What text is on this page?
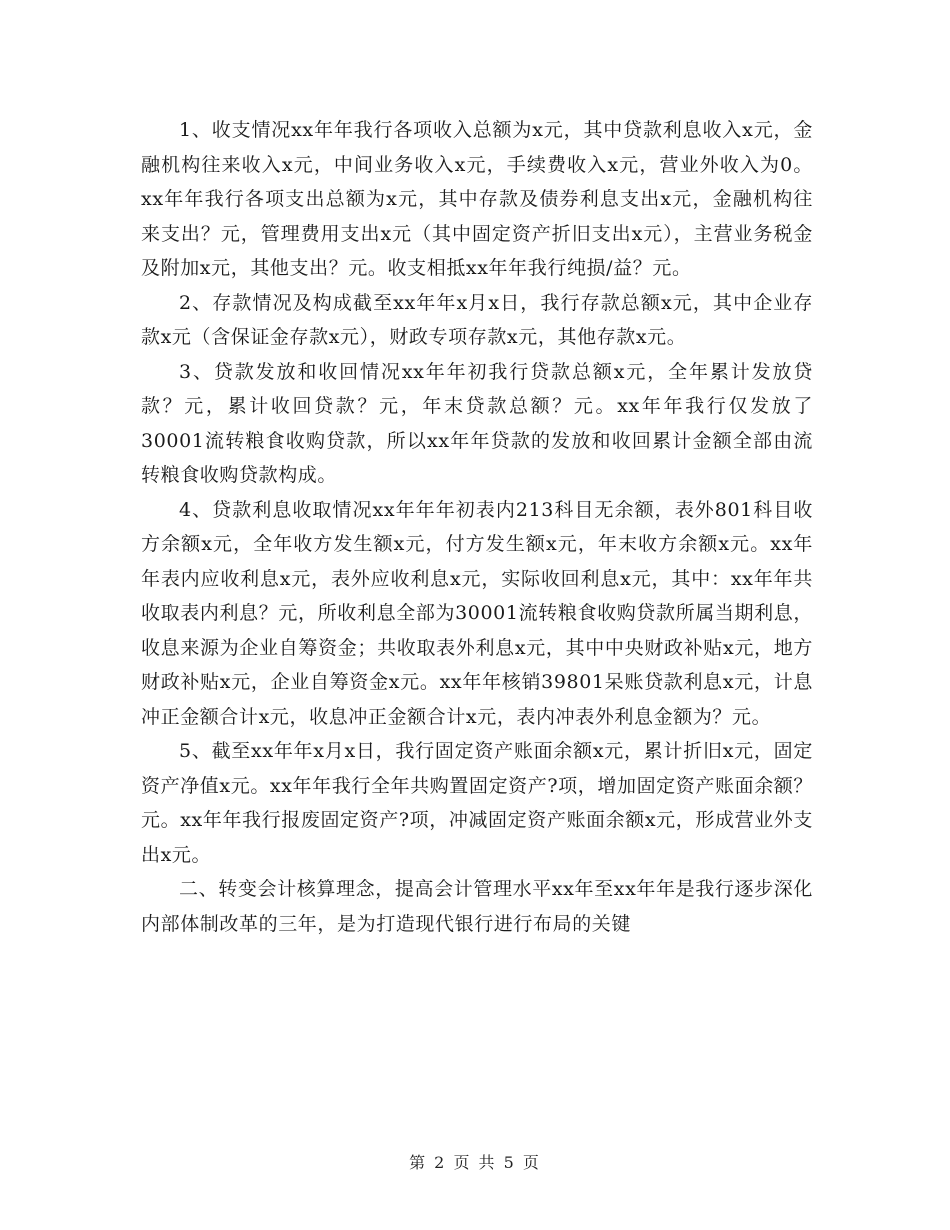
1、收支情况xx年年我行各项收入总额为x元，其中贷款利息收入x元，金融机构往来收入x元，中间业务收入x元，手续费收入x元，营业外收入为0。xx年年我行各项支出总额为x元，其中存款及债券利息支出x元，金融机构往来支出？元，管理费用支出x元（其中固定资产折旧支出x元），主营业务税金及附加x元，其他支出？元。收支相抵xx年年我行纯损/益？元。

2、存款情况及构成截至xx年年x月x日，我行存款总额x元，其中企业存款x元（含保证金存款x元），财政专项存款x元，其他存款x元。

3、贷款发放和收回情况xx年年初我行贷款总额x元，全年累计发放贷款？元，累计收回贷款？元，年末贷款总额？元。xx年年我行仅发放了30001流转粮食收购贷款，所以xx年年贷款的发放和收回累计金额全部由流转粮食收购贷款构成。

4、贷款利息收取情况xx年年年初表内213科目无余额，表外801科目收方余额x元，全年收方发生额x元，付方发生额x元，年末收方余额x元。xx年年表内应收利息x元，表外应收利息x元，实际收回利息x元，其中：xx年年共收取表内利息？元，所收利息全部为30001流转粮食收购贷款所属当期利息，收息来源为企业自筹资金；共收取表外利息x元，其中中央财政补贴x元，地方财政补贴x元，企业自筹资金x元。xx年年核销39801呆账贷款利息x元，计息冲正金额合计x元，收息冲正金额合计x元，表内冲表外利息金额为？元。

5、截至xx年年x月x日，我行固定资产账面余额x元，累计折旧x元，固定资产净值x元。xx年年我行全年共购置固定资产?项，增加固定资产账面余额？元。xx年年我行报废固定资产?项，冲减固定资产账面余额x元，形成营业外支出x元。

二、转变会计核算理念，提高会计管理水平xx年至xx年年是我行逐步深化内部体制改革的三年，是为打造现代银行进行布局的关键

第 2 页 共 5 页
